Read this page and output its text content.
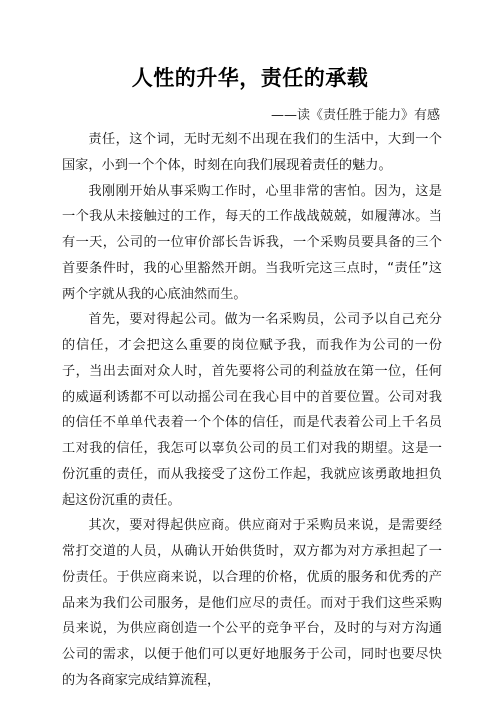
人性的升华，责任的承载

——读《责任胜于能力》有感

责任，这个词，无时无刻不出现在我们的生活中，大到一个国家，小到一个个体，时刻在向我们展现着责任的魅力。

我刚刚开始从事采购工作时，心里非常的害怕。因为，这是一个我从未接触过的工作，每天的工作战战兢兢，如履薄冰。当有一天，公司的一位审价部长告诉我，一个采购员要具备的三个首要条件时，我的心里豁然开朗。当我听完这三点时，“责任”这两个字就从我的心底油然而生。

首先，要对得起公司。做为一名采购员，公司予以自己充分的信任，才会把这么重要的岗位赋予我，而我作为公司的一份子，当出去面对众人时，首先要将公司的利益放在第一位，任何的威逼利诱都不可以动摇公司在我心目中的首要位置。公司对我的信任不单单代表着一个个体的信任，而是代表着公司上千名员工对我的信任，我怎可以辜负公司的员工们对我的期望。这是一份沉重的责任，而从我接受了这份工作起，我就应该勇敢地担负起这份沉重的责任。

其次，要对得起供应商。供应商对于采购员来说，是需要经常打交道的人员，从确认开始供货时，双方都为对方承担起了一份责任。于供应商来说，以合理的价格，优质的服务和优秀的产品来为我们公司服务，是他们应尽的责任。而对于我们这些采购员来说，为供应商创造一个公平的竞争平台，及时的与对方沟通公司的需求，以便于他们可以更好地服务于公司，同时也要尽快的为各商家完成结算流程，
